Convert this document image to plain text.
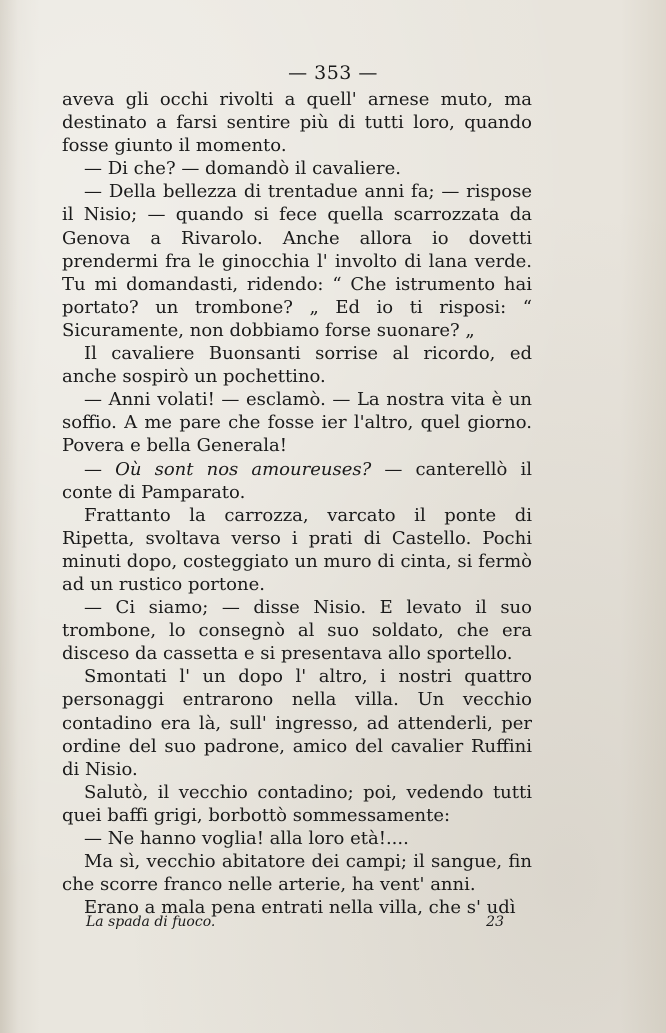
— 353 —

aveva gli occhi rivolti a quell' arnese muto, ma destinato a farsi sentire più di tutti loro, quando fosse giunto il momento.

— Di che? — domandò il cavaliere.

— Della bellezza di trentadue anni fa; — rispose il Nisio; — quando si fece quella scarrozzata da Genova a Rivarolo. Anche allora io dovetti prendermi fra le ginocchia l' involto di lana verde. Tu mi domandasti, ridendo: “ Che istrumento hai portato? un trombone? „ Ed io ti risposi: “ Sicuramente, non dobbiamo forse suonare? „

Il cavaliere Buonsanti sorrise al ricordo, ed anche sospirò un pochettino.

— Anni volati! — esclamò. — La nostra vita è un soffio. A me pare che fosse ier l'altro, quel giorno. Povera e bella Generala!

— Où sont nos amoureuses? — canterellò il conte di Pamparato.

Frattanto la carrozza, varcato il ponte di Ripetta, svoltava verso i prati di Castello. Pochi minuti dopo, costeggiato un muro di cinta, si fermò ad un rustico portone.

— Ci siamo; — disse Nisio. E levato il suo trombone, lo consegnò al suo soldato, che era disceso da cassetta e si presentava allo sportello.

Smontati l' un dopo l' altro, i nostri quattro personaggi entrarono nella villa. Un vecchio contadino era là, sull' ingresso, ad attenderli, per ordine del suo padrone, amico del cavalier Ruffini di Nisio.

Salutò, il vecchio contadino; poi, vedendo tutti quei baffi grigi, borbottò sommessamente:

— Ne hanno voglia! alla loro età!....

Ma sì, vecchio abitatore dei campi; il sangue, fin che scorre franco nelle arterie, ha vent' anni.

Erano a mala pena entrati nella villa, che s' udì

La spada di fuoco.	23
